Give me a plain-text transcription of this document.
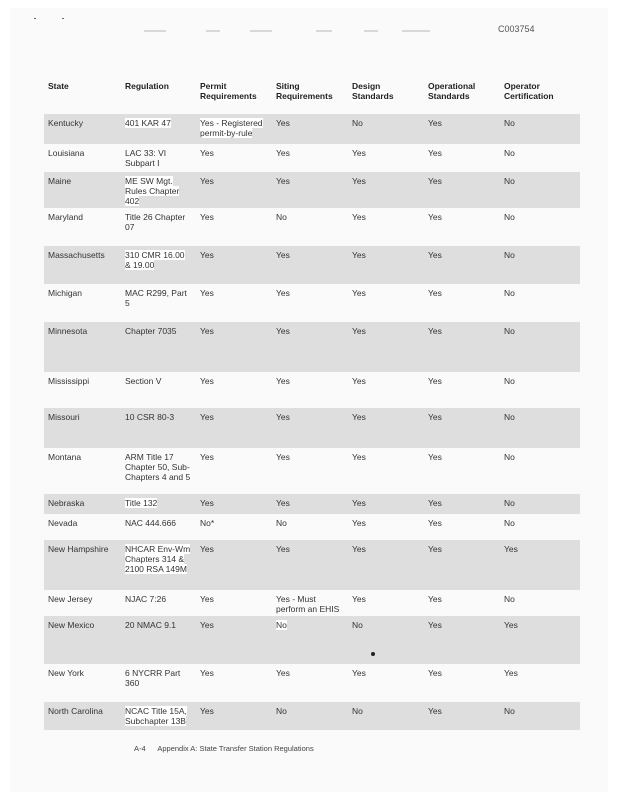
C003754
State	Regulation	Permit Requirements	Siting Requirements	Design Standards	Operational Standards	Operator Certification
Kentucky	401 KAR 47	Yes - Registered permit-by-rule	Yes	No	Yes	No
Louisiana	LAC 33: VI Subpart I	Yes	Yes	Yes	Yes	No
Maine	ME SW Mgt. Rules Chapter 402	Yes	Yes	Yes	Yes	No
Maryland	Title 26 Chapter 07	Yes	No	Yes	Yes	No
Massachusetts	310 CMR 16.00 & 19.00	Yes	Yes	Yes	Yes	No
Michigan	MAC R299, Part 5	Yes	Yes	Yes	Yes	No
Minnesota	Chapter 7035	Yes	Yes	Yes	Yes	No
Mississippi	Section V	Yes	Yes	Yes	Yes	No
Missouri	10 CSR 80-3	Yes	Yes	Yes	Yes	No
Montana	ARM Title 17 Chapter 50, Sub-Chapters 4 and 5	Yes	Yes	Yes	Yes	No
Nebraska	Title 132	Yes	Yes	Yes	Yes	No
Nevada	NAC 444.666	No*	No	Yes	Yes	No
New Hampshire	NHCAR Env-Wm Chapters 314 & 2100 RSA 149M	Yes	Yes	Yes	Yes	Yes
New Jersey	NJAC 7:26	Yes	Yes - Must perform an EHIS	Yes	Yes	No
New Mexico	20 NMAC 9.1	Yes	No	No	Yes	Yes
New York	6 NYCRR Part 360	Yes	Yes	Yes	Yes	Yes
North Carolina	NCAC Title 15A, Subchapter 13B	Yes	No	No	Yes	No
A-4 Appendix A: State Transfer Station Regulations
